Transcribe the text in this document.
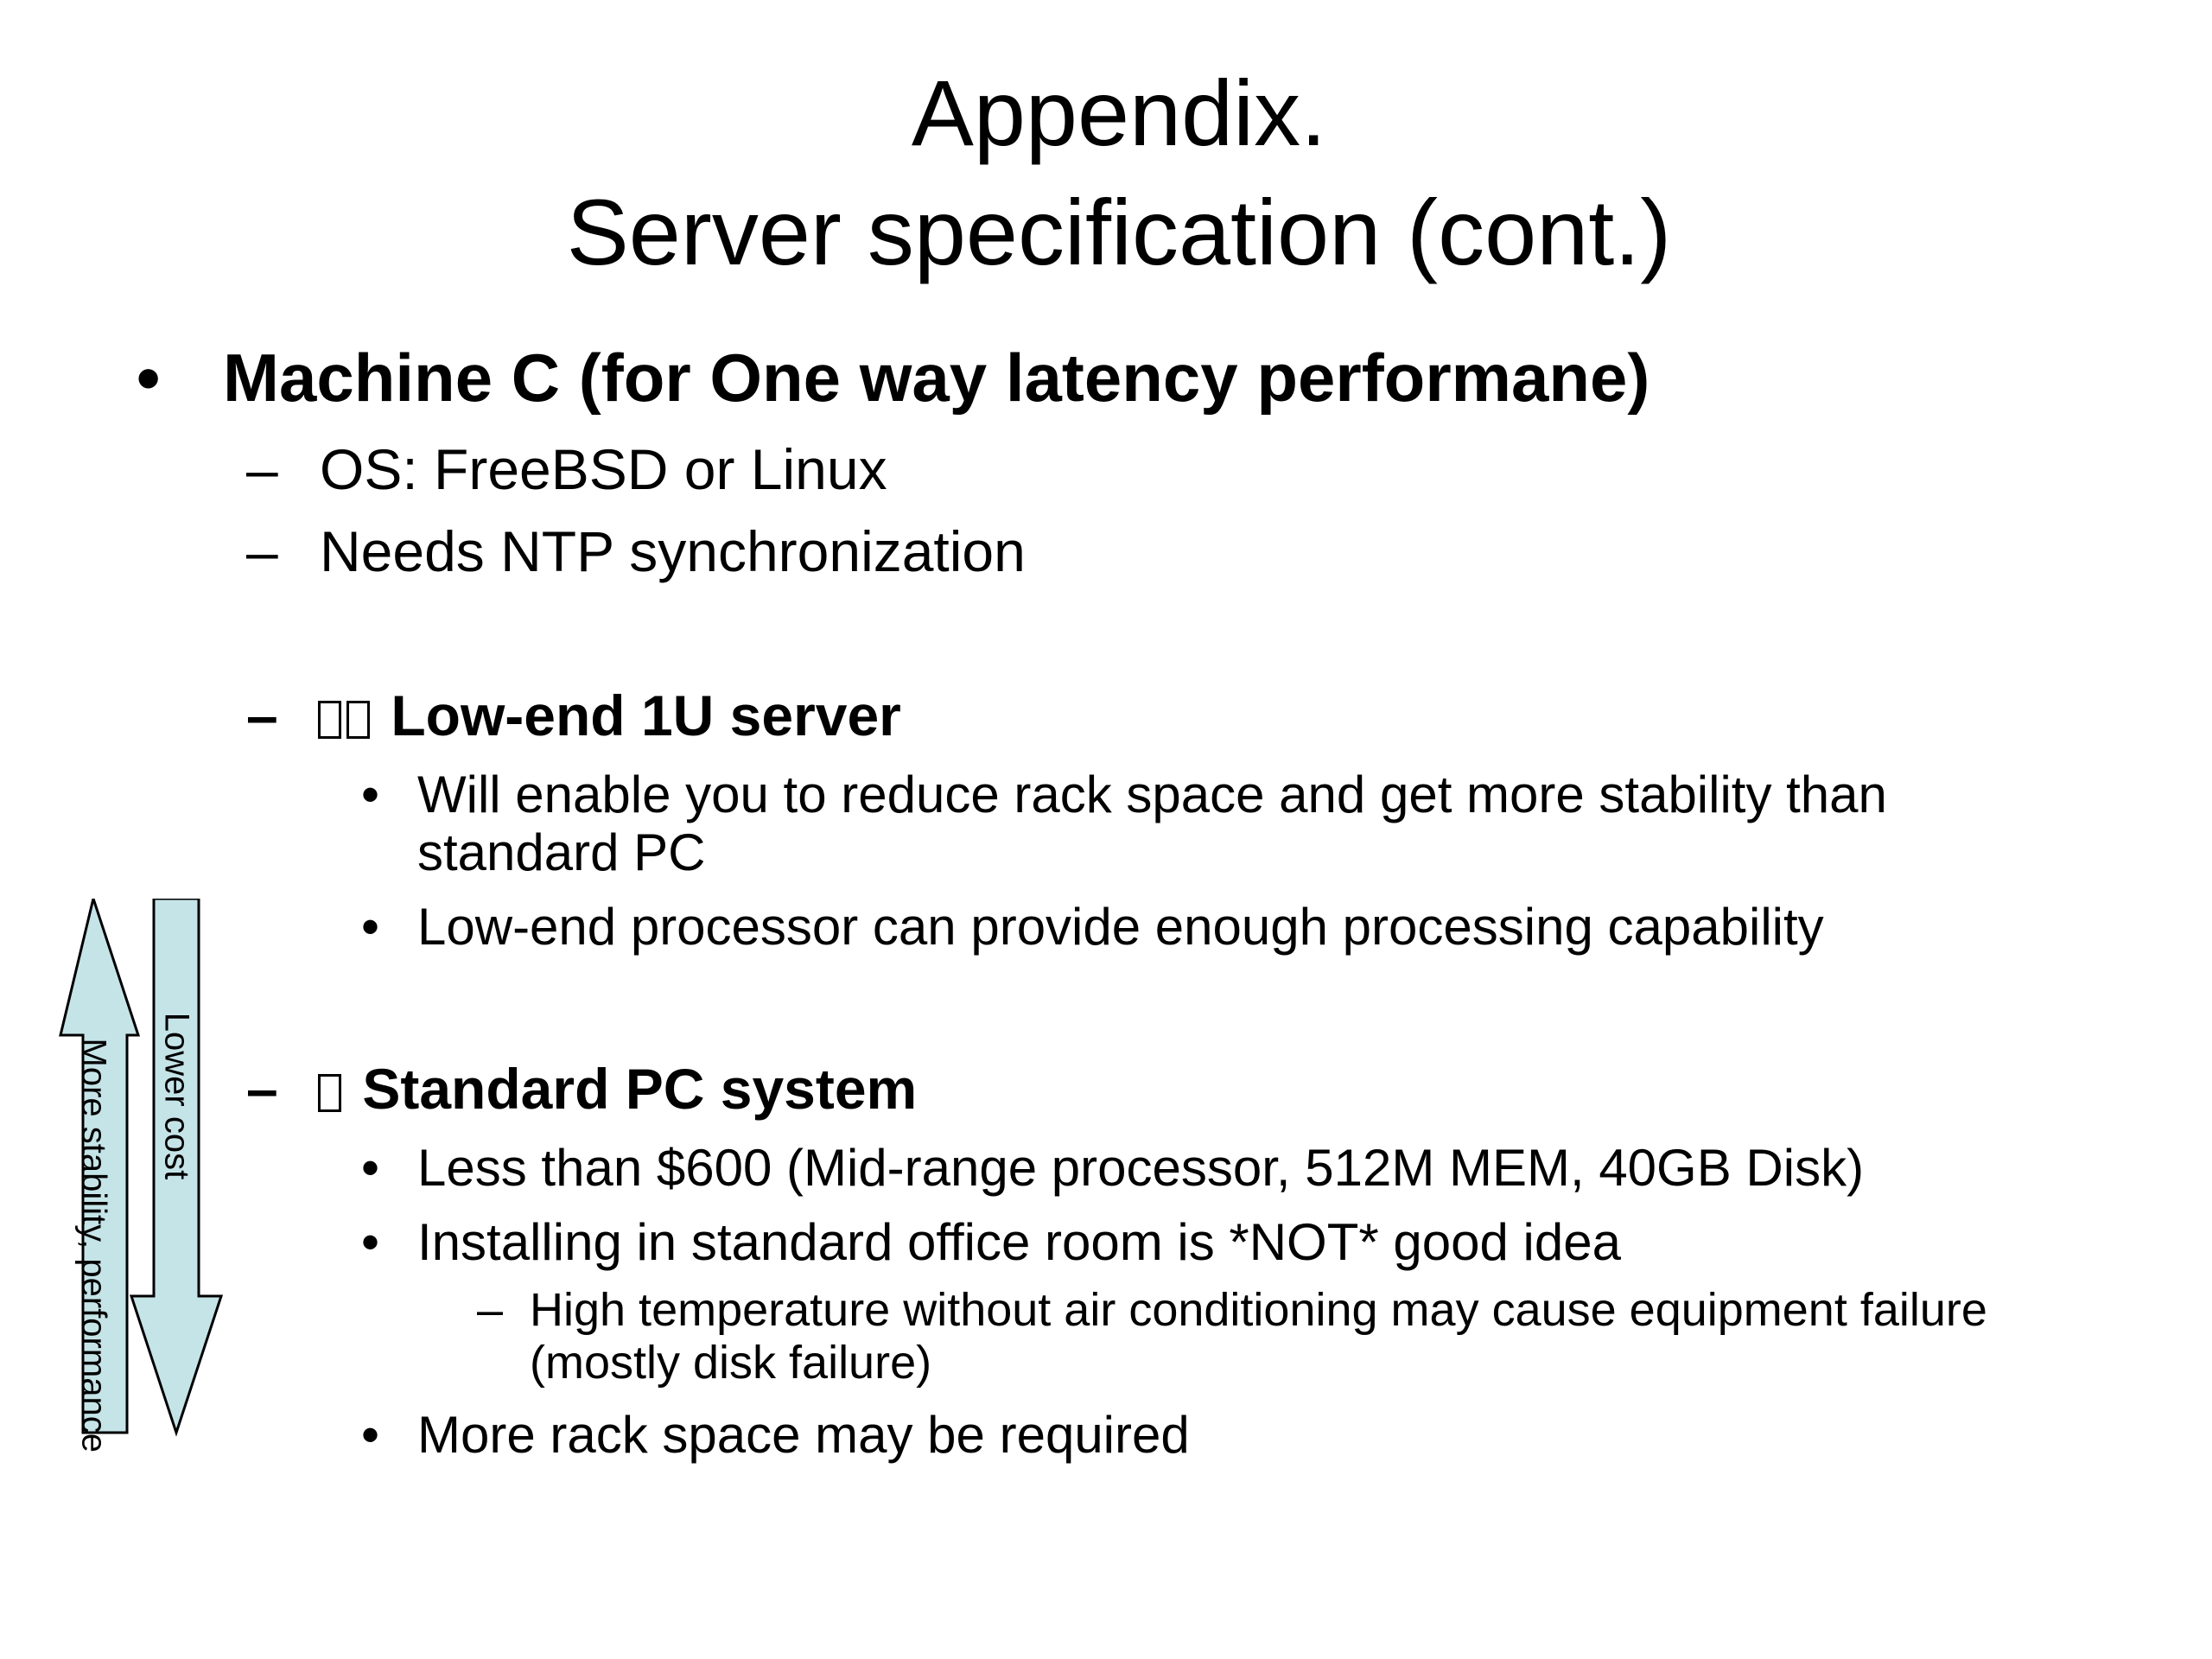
Appendix.
Server specification (cont.)
• Machine C (for One way latency performane)
– OS: FreeBSD or Linux
– Needs NTP synchronization
–	Low-end 1U server
• Will enable you to reduce rack space and get more stability than
standard PC
• Low-end processor can provide enough processing capability
–	Standard PC system
• Less than $600 (Mid-range processor, 512M MEM, 40GB Disk)
• Installing in standard office room is *NOT* good idea
– High temperature without air conditioning may cause equipment failure
(mostly disk failure)
• More rack space may be required
More stability, performance Lower cost
